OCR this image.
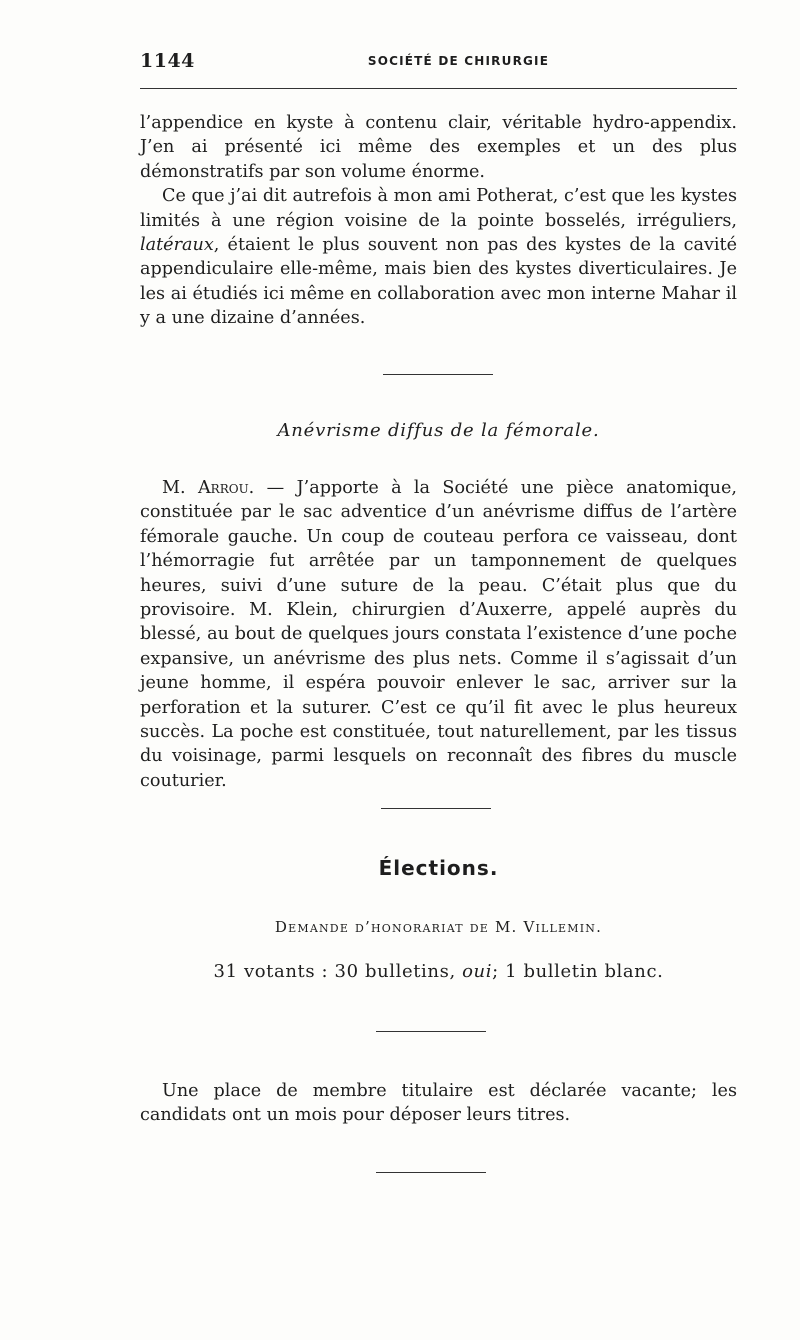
1144	SOCIÉTÉ DE CHIRURGIE

l’appendice en kyste à contenu clair, véritable hydro-appendix. J’en ai présenté ici même des exemples et un des plus démonstratifs par son volume énorme.

Ce que j’ai dit autrefois à mon ami Potherat, c’est que les kystes limités à une région voisine de la pointe bosselés, irréguliers, latéraux, étaient le plus souvent non pas des kystes de la cavité appendiculaire elle-même, mais bien des kystes diverticulaires. Je les ai étudiés ici même en collaboration avec mon interne Mahar il y a une dizaine d’années.

Anévrisme diffus de la fémorale.

M. Arrou. — J’apporte à la Société une pièce anatomique, constituée par le sac adventice d’un anévrisme diffus de l’artère fémorale gauche. Un coup de couteau perfora ce vaisseau, dont l’hémorragie fut arrêtée par un tamponnement de quelques heures, suivi d’une suture de la peau. C’était plus que du provisoire. M. Klein, chirurgien d’Auxerre, appelé auprès du blessé, au bout de quelques jours constata l’existence d’une poche expansive, un anévrisme des plus nets. Comme il s’agissait d’un jeune homme, il espéra pouvoir enlever le sac, arriver sur la perforation et la suturer. C’est ce qu’il fit avec le plus heureux succès. La poche est constituée, tout naturellement, par les tissus du voisinage, parmi lesquels on reconnaît des fibres du muscle couturier.

Élections.
Demande d’honorariat de M. Villemin.
31 votants : 30 bulletins, oui; 1 bulletin blanc.

Une place de membre titulaire est déclarée vacante; les candidats ont un mois pour déposer leurs titres.
